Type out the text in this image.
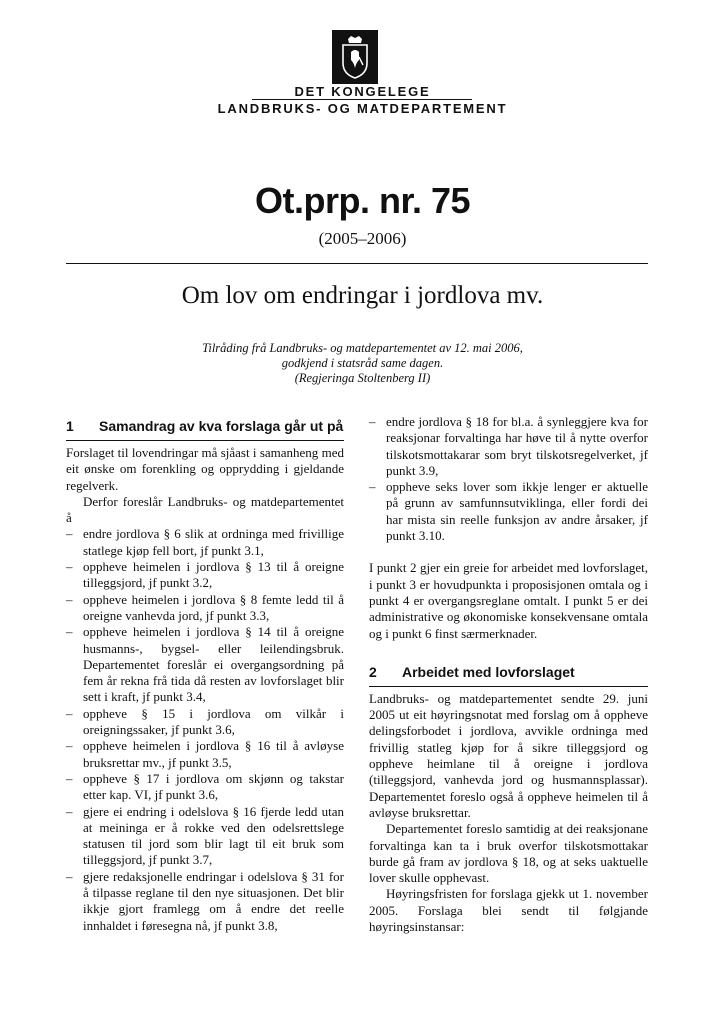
DET KONGELEGE
LANDBRUKS- OG MATDEPARTEMENT
Ot.prp. nr. 75
(2005–2006)
Om lov om endringar i jordlova mv.
Tilråding frå Landbruks- og matdepartementet av 12. mai 2006,
godkjend i statsråd same dagen.
(Regjeringa Stoltenberg II)
1	Samandrag av kva forslaga går ut på

Forslaget til lovendringar må sjåast i samanheng med eit ønske om forenkling og opprydding i gjeldande regelverk.

Derfor foreslår Landbruks- og matdepartementet å

– endre jordlova § 6 slik at ordninga med frivillige statlege kjøp fell bort, jf punkt 3.1,
– oppheve heimelen i jordlova § 13 til å oreigne tilleggsjord, jf punkt 3.2,
– oppheve heimelen i jordlova § 8 femte ledd til å oreigne vanhevda jord, jf punkt 3.3,
– oppheve heimelen i jordlova § 14 til å oreigne husmanns-, bygsel- eller leilendingsbruk. Departementet foreslår ei overgangsordning på fem år rekna frå tida då resten av lovforslaget blir sett i kraft, jf punkt 3.4,
– oppheve § 15 i jordlova om vilkår i oreigningssaker, jf punkt 3.6,
– oppheve heimelen i jordlova § 16 til å avløyse bruksrettar mv., jf punkt 3.5,
– oppheve § 17 i jordlova om skjønn og takstar etter kap. VI, jf punkt 3.6,
– gjere ei endring i odelslova § 16 fjerde ledd utan at meininga er å rokke ved den odelsrettslege statusen til jord som blir lagt til eit bruk som tilleggsjord, jf punkt 3.7,
– gjere redaksjonelle endringar i odelslova § 31 for å tilpasse reglane til den nye situasjonen. Det blir ikkje gjort framlegg om å endre det reelle innhaldet i føresegna nå, jf punkt 3.8,
– endre jordlova § 18 for bl.a. å synleggjere kva for reaksjonar forvaltinga har høve til å nytte overfor tilskotsmottakarar som bryt tilskotsregelverket, jf punkt 3.9,
– oppheve seks lover som ikkje lenger er aktuelle på grunn av samfunnsutviklinga, eller fordi dei har mista sin reelle funksjon av andre årsaker, jf punkt 3.10.

I punkt 2 gjer ein greie for arbeidet med lovforslaget, i punkt 3 er hovudpunkta i proposisjonen omtala og i punkt 4 er overgangsreglane omtalt. I punkt 5 er dei administrative og økonomiske konsekvensane omtala og i punkt 6 finst særmerknader.

2	Arbeidet med lovforslaget

Landbruks- og matdepartementet sendte 29. juni 2005 ut eit høyringsnotat med forslag om å oppheve delingsforbodet i jordlova, avvikle ordninga med frivillig statleg kjøp for å sikre tilleggsjord og oppheve heimlane til å oreigne i jordlova (tilleggsjord, vanhevda jord og husmannsplassar). Departementet foreslo også å oppheve heimelen til å avløyse bruksrettar.

Departementet foreslo samtidig at dei reaksjonane forvaltinga kan ta i bruk overfor tilskotsmottakar burde gå fram av jordlova § 18, og at seks uaktuelle lover skulle opphevast.

Høyringsfristen for forslaga gjekk ut 1. november 2005. Forslaga blei sendt til følgjande høyringsinstansar:
